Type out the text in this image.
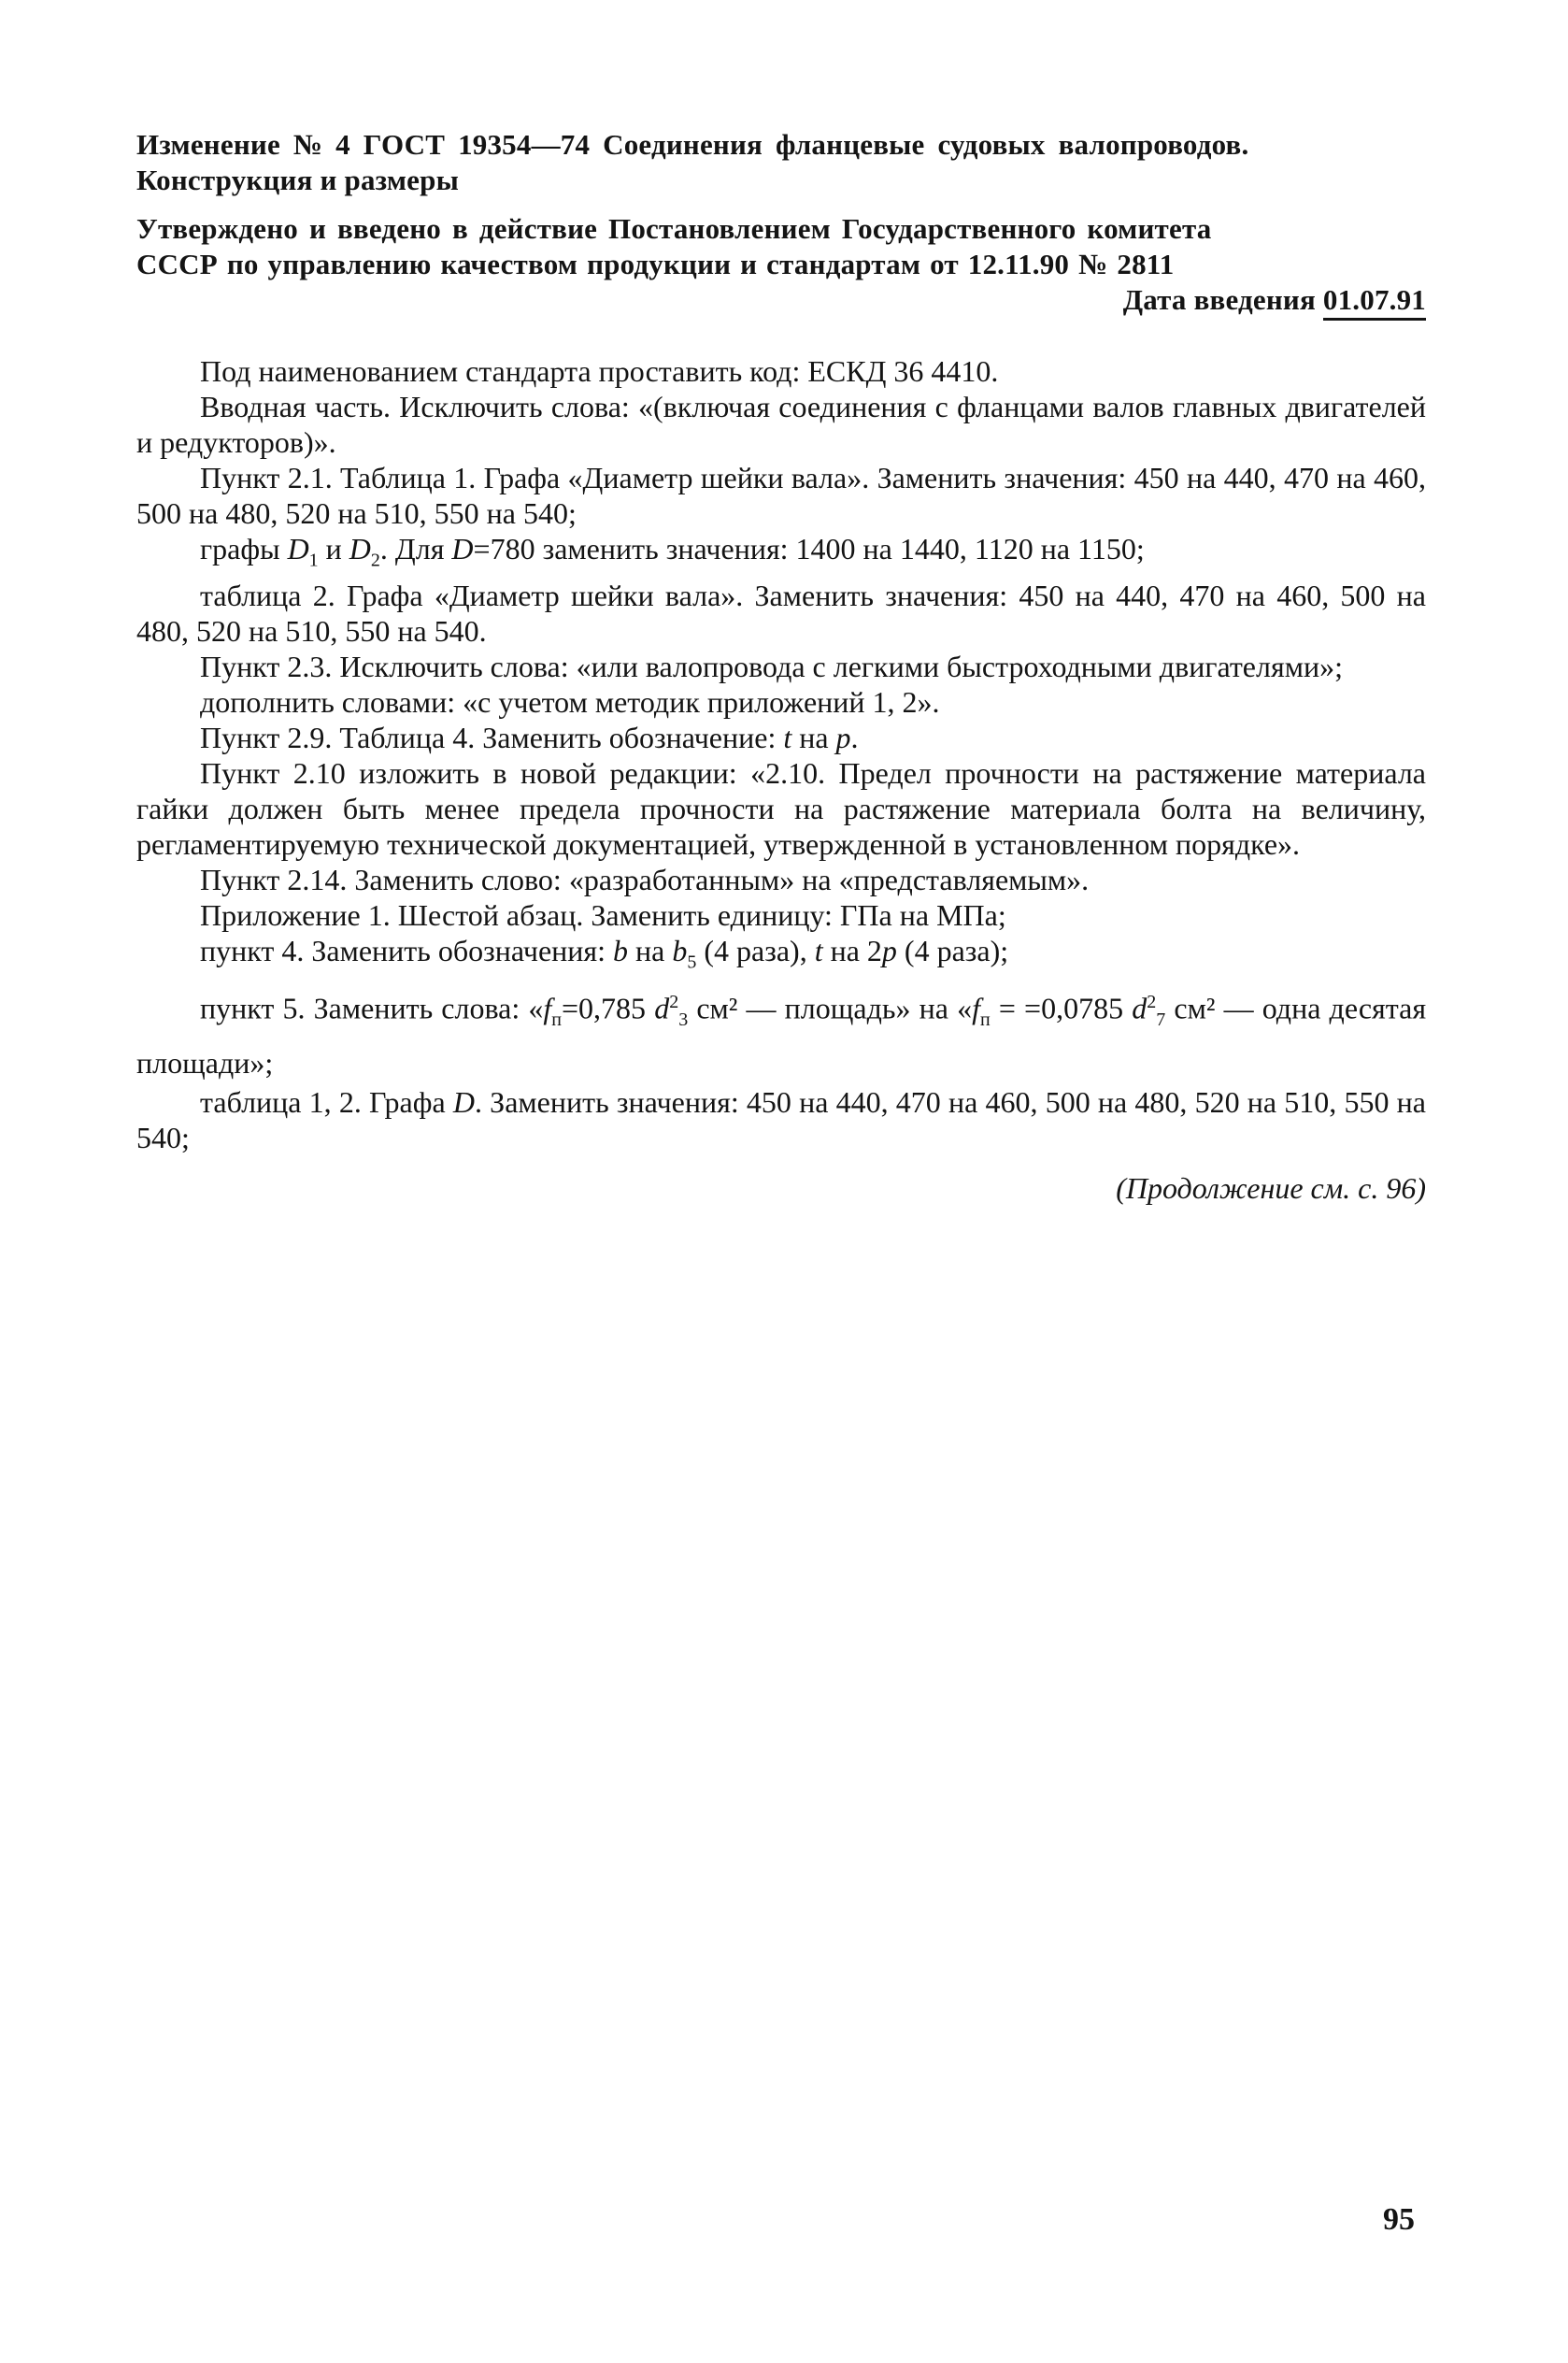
Изменение № 4 ГОСТ 19354—74 Соединения фланцевые судовых валопроводов.
Конструкция и размеры
Утверждено и введено в действие Постановлением Государственного комитета
СССР по управлению качеством продукции и стандартам от 12.11.90 № 2811
Дата введения 01.07.91

Под наименованием стандарта проставить код: ЕСКД 36 4410.

Вводная часть. Исключить слова: «(включая соединения с фланцами валов главных двигателей и редукторов)».

Пункт 2.1. Таблица 1. Графа «Диаметр шейки вала». Заменить значения: 450 на 440, 470 на 460, 500 на 480, 520 на 510, 550 на 540;

графы $D_1$ и $D_2$. Для D=780 заменить значения: 1400 на 1440, 1120 на 1150;

таблица 2. Графа «Диаметр шейки вала». Заменить значения: 450 на 440, 470 на 460, 500 на 480, 520 на 510, 550 на 540.

Пункт 2.3. Исключить слова: «или валопровода с легкими быстроходными двигателями»;

дополнить словами: «с учетом методик приложений 1, 2».

Пункт 2.9. Таблица 4. Заменить обозначение: t на p.

Пункт 2.10 изложить в новой редакции: «2.10. Предел прочности на растяжение материала гайки должен быть менее предела прочности на растяжение материала болта на величину, регламентируемую технической документацией, утвержденной в установленном порядке».

Пункт 2.14. Заменить слово: «разработанным» на «представляемым».

Приложение 1. Шестой абзац. Заменить единицу: ГПа на МПа;

пункт 4. Заменить обозначения: b на $b_5$ (4 раза), t на 2p (4 раза);

пункт 5. Заменить слова: «$f_п=0,785$ $d^2_3$ см² — площадь» на «$f_п = =0,0785$ $d^2_7$ см² — одна десятая площади»;

таблица 1, 2. Графа D. Заменить значения: 450 на 440, 470 на 460, 500 на 480, 520 на 510, 550 на 540;

(Продолжение см. с. 96)

95
